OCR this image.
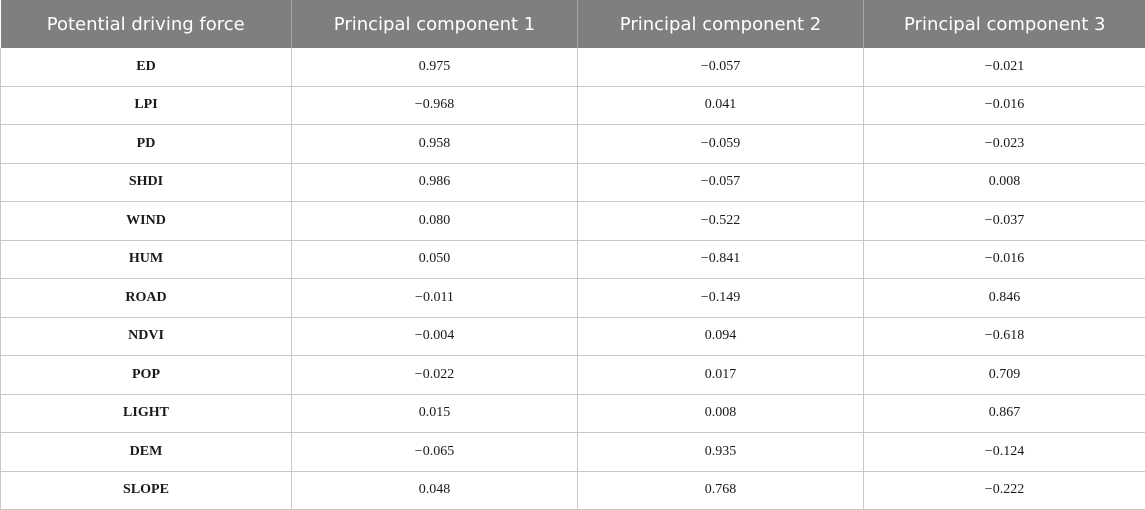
Potential driving force	Principal component 1	Principal component 2	Principal component 3
ED	0.975	−0.057	−0.021
LPI	−0.968	0.041	−0.016
PD	0.958	−0.059	−0.023
SHDI	0.986	−0.057	0.008
WIND	0.080	−0.522	−0.037
HUM	0.050	−0.841	−0.016
ROAD	−0.011	−0.149	0.846
NDVI	−0.004	0.094	−0.618
POP	−0.022	0.017	0.709
LIGHT	0.015	0.008	0.867
DEM	−0.065	0.935	−0.124
SLOPE	0.048	0.768	−0.222
